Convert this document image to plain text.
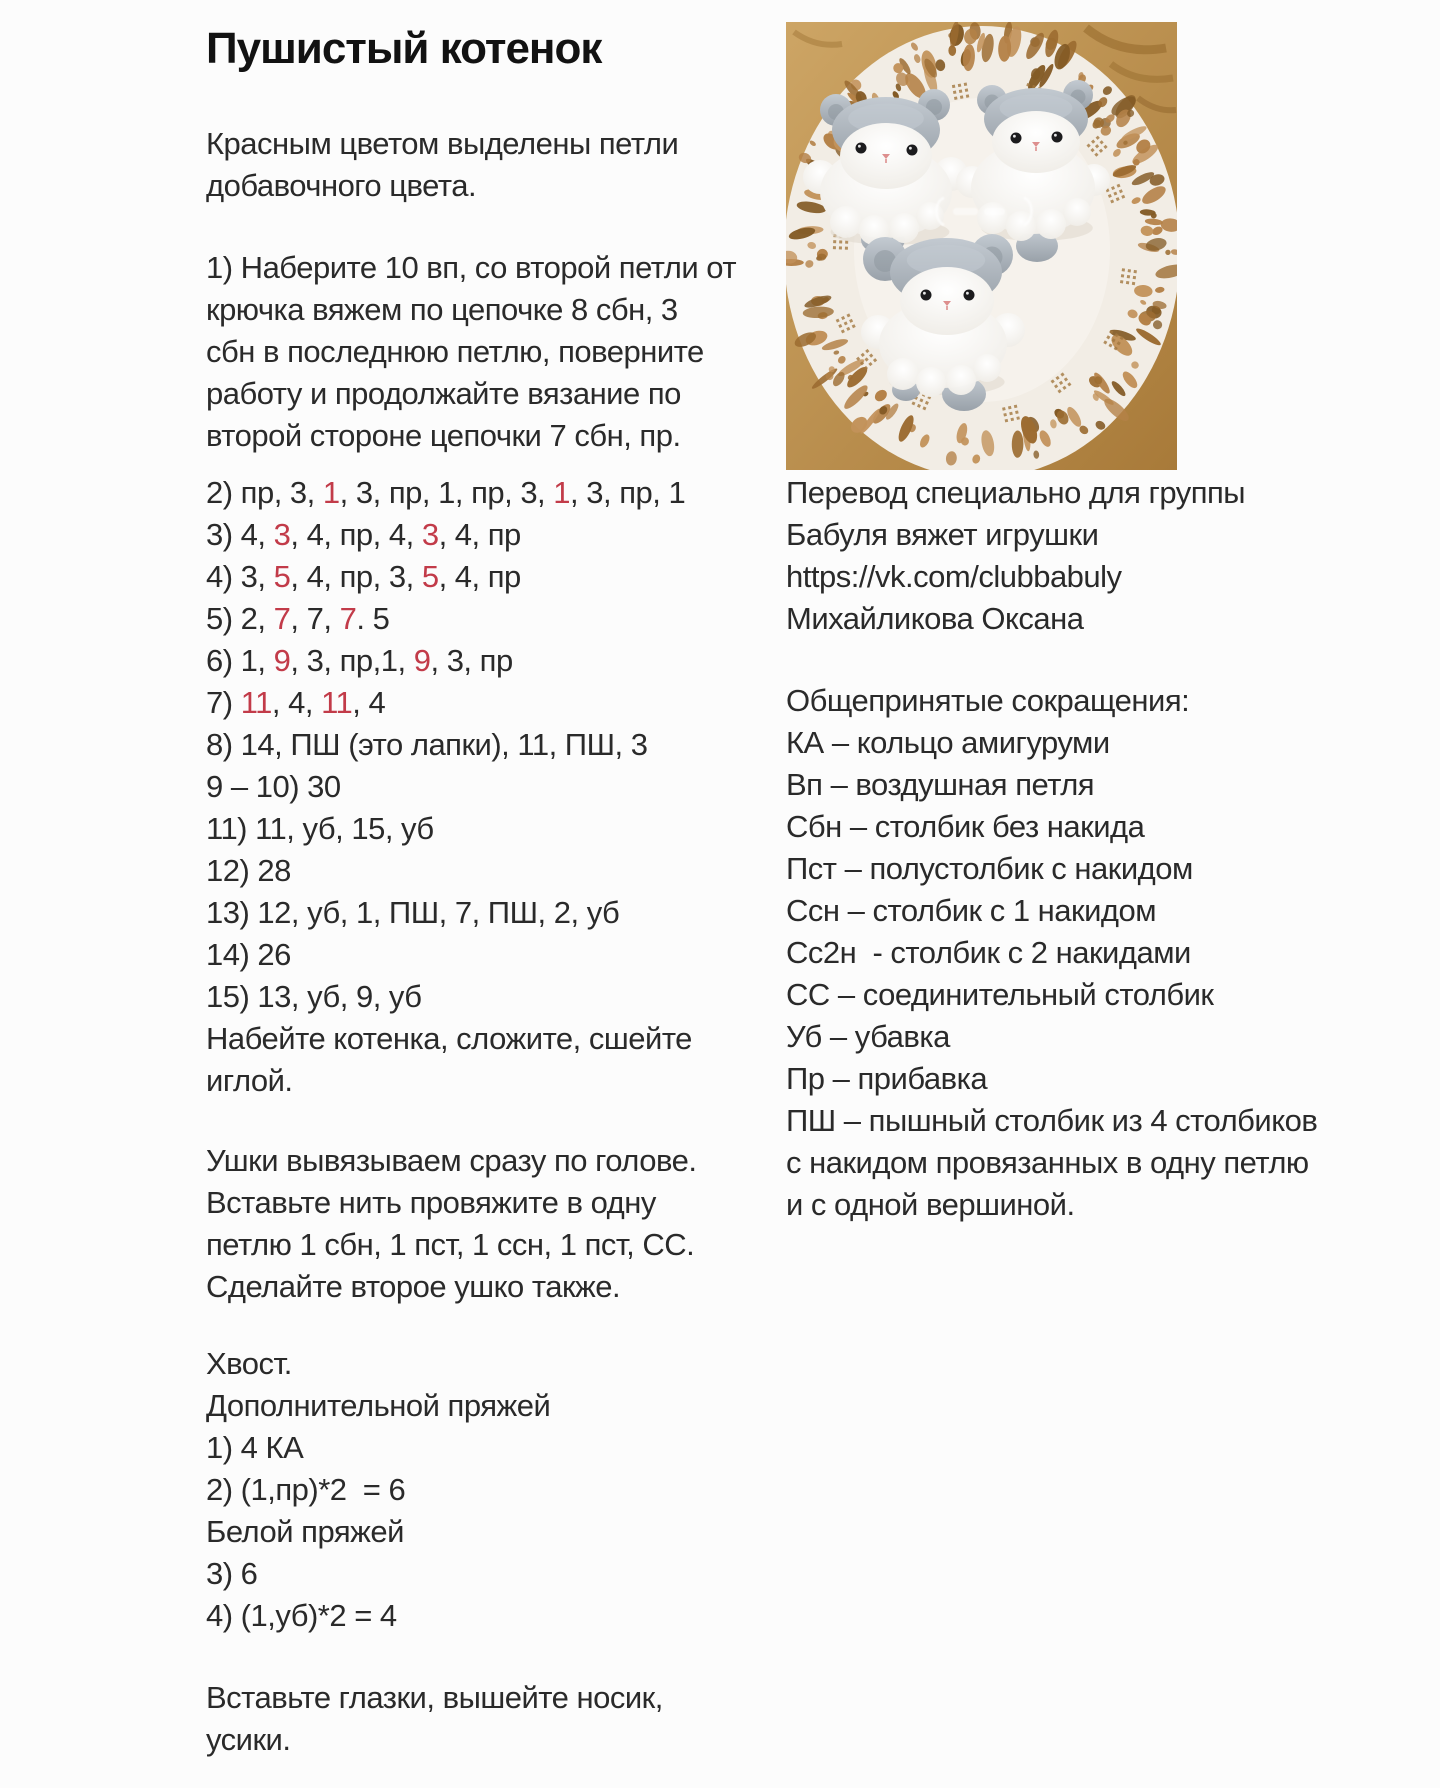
Пушистый котенок
Красным цветом выделены петли
добавочного цвета.
1) Наберите 10 вп, со второй петли от
крючка вяжем по цепочке 8 сбн, 3
сбн в последнюю петлю, поверните
работу и продолжайте вязание по
второй стороне цепочки 7 сбн, пр.
2) пр, 3, 1, 3, пр, 1, пр, 3, 1, 3, пр, 1
3) 4, 3, 4, пр, 4, 3, 4, пр
4) 3, 5, 4, пр, 3, 5, 4, пр
5) 2, 7, 7, 7. 5
6) 1, 9, 3, пр,1, 9, 3, пр
7) 11, 4, 11, 4
8) 14, ПШ (это лапки), 11, ПШ, 3
9 – 10) 30
11) 11, уб, 15, уб
12) 28
13) 12, уб, 1, ПШ, 7, ПШ, 2, уб
14) 26
15) 13, уб, 9, уб
Набейте котенка, сложите, сшейте
иглой.
Ушки вывязываем сразу по голове.
Вставьте нить провяжите в одну
петлю 1 сбн, 1 пст, 1 ссн, 1 пст, СС.
Сделайте второе ушко также.
Хвост.
Дополнительной пряжей
1) 4 КА
2) (1,пр)*2  = 6
Белой пряжей
3) 6
4) (1,уб)*2 = 4
Вставьте глазки, вышейте носик,
усики.
Перевод специально для группы
Бабуля вяжет игрушки
https://vk.com/clubbabuly
Михайликова Оксана
Общепринятые сокращения:
КА – кольцо амигуруми
Вп – воздушная петля
Сбн – столбик без накида
Пст – полустолбик с накидом
Ссн – столбик с 1 накидом
Сс2н  - столбик с 2 накидами
СС – соединительный столбик
Уб – убавка
Пр – прибавка
ПШ – пышный столбик из 4 столбиков
с накидом провязанных в одну петлю
и с одной вершиной.
